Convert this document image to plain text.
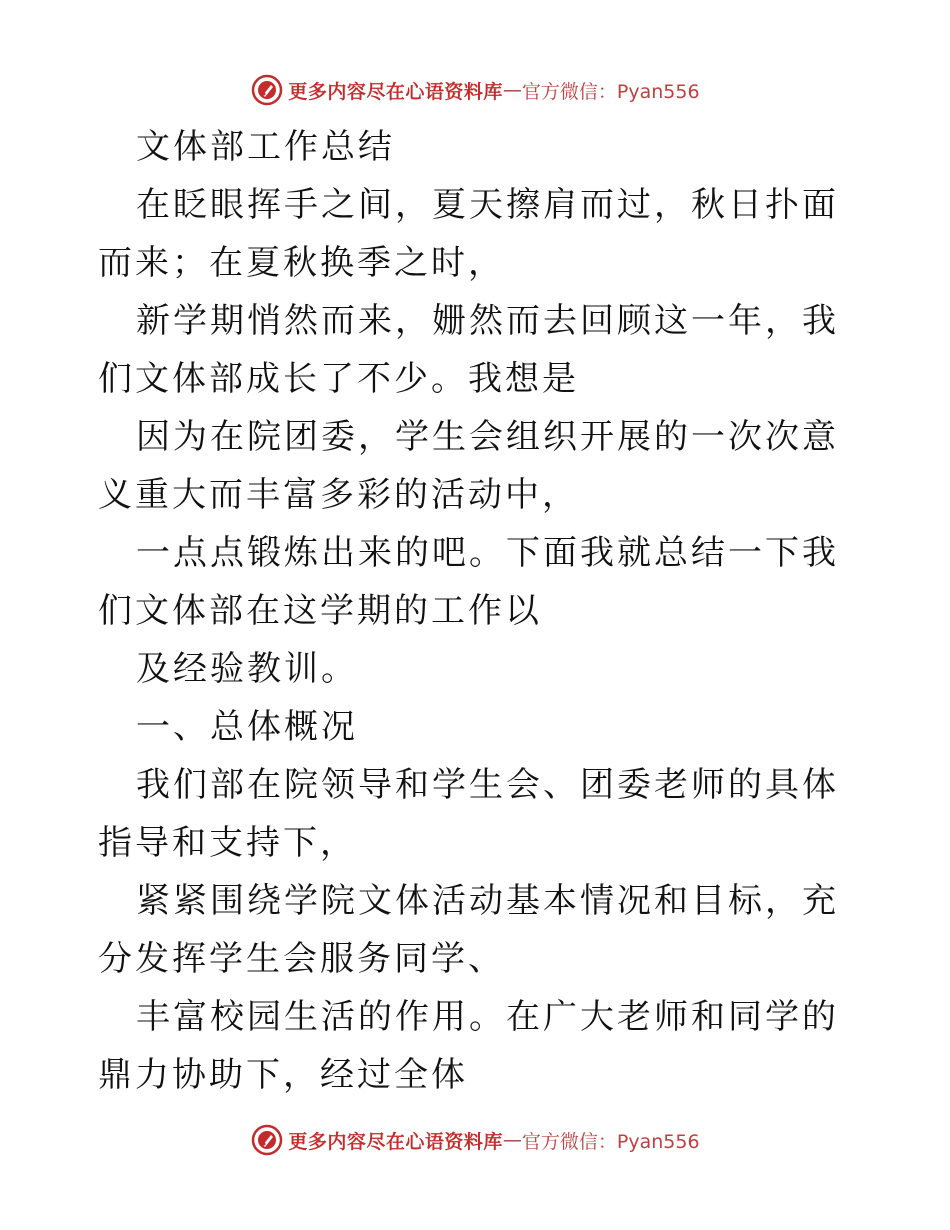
更多内容尽在心语资料库 — 官方微信：Pyan556

文体部工作总结

在眨眼挥手之间，夏天擦肩而过，秋日扑面而来；在夏秋换季之时，

新学期悄然而来，姗然而去回顾这一年，我们文体部成长了不少。我想是

因为在院团委，学生会组织开展的一次次意义重大而丰富多彩的活动中，

一点点锻炼出来的吧。下面我就总结一下我们文体部在这学期的工作以

及经验教训。

一、总体概况

我们部在院领导和学生会、团委老师的具体指导和支持下，

紧紧围绕学院文体活动基本情况和目标，充分发挥学生会服务同学、

丰富校园生活的作用。在广大老师和同学的鼎力协助下，经过全体

更多内容尽在心语资料库 — 官方微信：Pyan556
